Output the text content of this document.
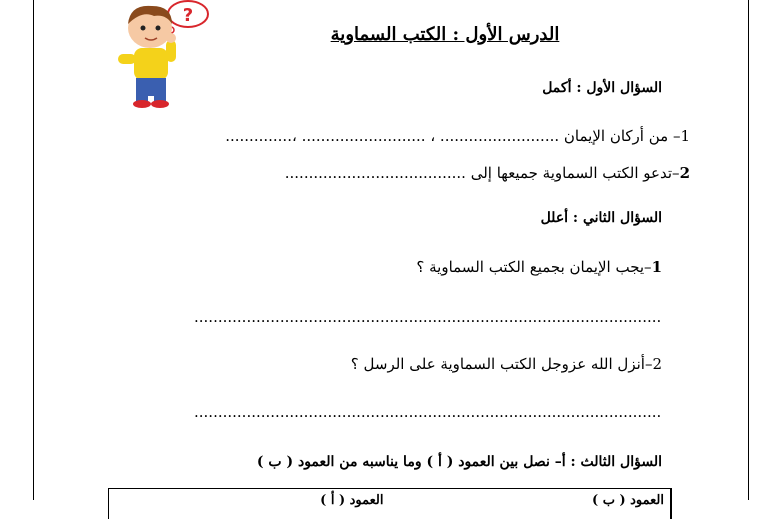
?
الدرس الأول : الكتب السماوية
السؤال الأول : أكمل
1– من أركان الإيمان ......................... ، .......................... ،..............
2–تدعو الكتب السماوية جميعها إلى ......................................
السؤال الثاني : أعلل
1–يجب الإيمان بجميع الكتب السماوية ؟
..................................................................................................
2–أنزل الله عزوجل الكتب السماوية على الرسل ؟
..................................................................................................
السؤال الثالث : أ– نصل بين العمود ( أ ) وما يناسبه من العمود ( ب )
العمود ( أ )	العمود ( ب )
